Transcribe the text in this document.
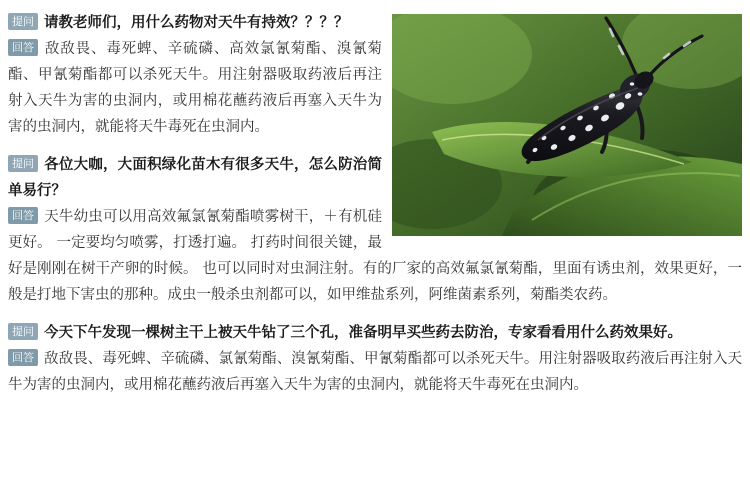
提问 请教老师们，用什么药物对天牛有持效？？？？

回答 敌敌畏、毒死蜱、辛硫磷、高效氯氰菊酯、溴氰菊酯、甲氰菊酯都可以杀死天牛。用注射器吸取药液后再注射入天牛为害的虫洞内，或用棉花蘸药液后再塞入天牛为害的虫洞内，就能将天牛毒死在虫洞内。

提问 各位大咖，大面积绿化苗木有很多天牛，怎么防治简单易行？

回答 天牛幼虫可以用高效氟氯氰菊酯喷雾树干，＋有机硅更好。 一定要均匀喷雾，打透打遍。 打药时间很关键，最好是刚刚在树干产卵的时候。 也可以同时对虫洞注射。有的厂家的高效氟氯氰菊酯，里面有诱虫剂，效果更好，一般是打地下害虫的那种。成虫一般杀虫剂都可以，如甲维盐系列，阿维菌素系列，菊酯类农药。

提问 今天下午发现一棵树主干上被天牛钻了三个孔，准备明早买些药去防治，专家看看用什么药效果好。

回答 敌敌畏、毒死蜱、辛硫磷、氯氰菊酯、溴氰菊酯、甲氰菊酯都可以杀死天牛。用注射器吸取药液后再注射入天牛为害的虫洞内，或用棉花蘸药液后再塞入天牛为害的虫洞内，就能将天牛毒死在虫洞内。
